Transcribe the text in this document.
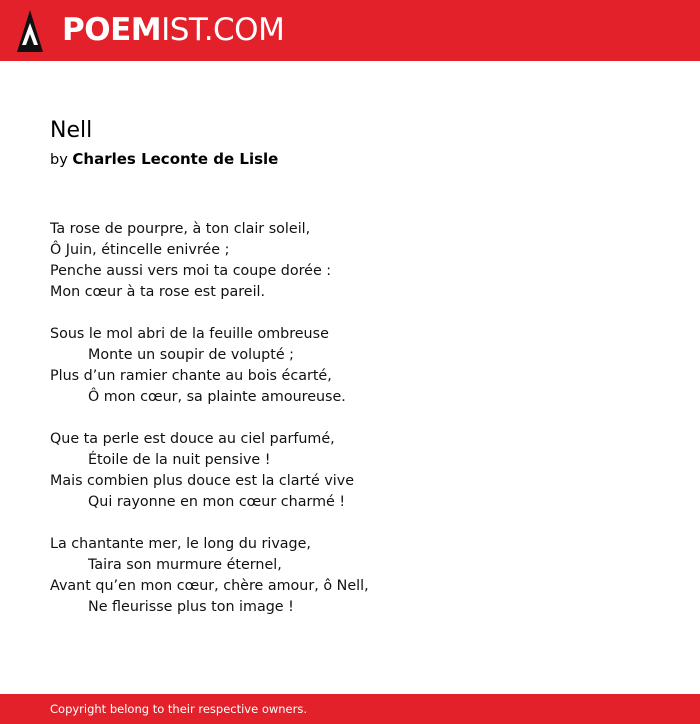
POEMIST.COM
Nell
by Charles Leconte de Lisle
Ta rose de pourpre, à ton clair soleil,
Ô Juin, étincelle enivrée ;
Penche aussi vers moi ta coupe dorée :
Mon cœur à ta rose est pareil.
Sous le mol abri de la feuille ombreuse
Monte un soupir de volupté ;
Plus d’un ramier chante au bois écarté,
Ô mon cœur, sa plainte amoureuse.
Que ta perle est douce au ciel parfumé,
Étoile de la nuit pensive !
Mais combien plus douce est la clarté vive
Qui rayonne en mon cœur charmé !
La chantante mer, le long du rivage,
Taira son murmure éternel,
Avant qu’en mon cœur, chère amour, ô Nell,
Ne fleurisse plus ton image !
Copyright belong to their respective owners.
